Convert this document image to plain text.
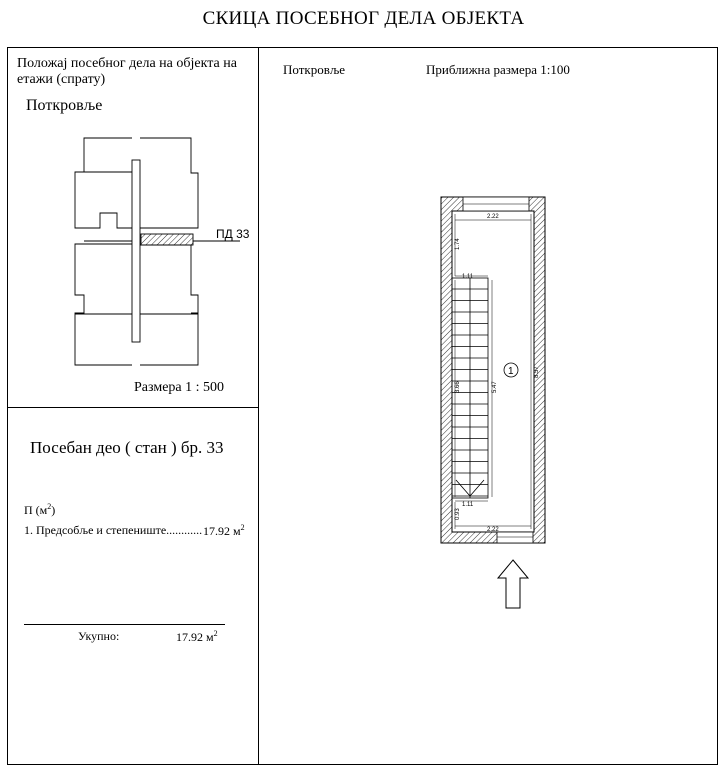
СКИЦА ПОСЕБНОГ ДЕЛА ОБЈЕКТА
Положај посебног дела на објекта на етажи (спрату)
Поткровље
Размера 1 : 500
Посебан део ( стан ) бр. 33
П $(м^2)$
1. Предсобље и степениште............ 17.92 $м^2$
Укупно:	17.92 $м^2$
Поткровље	Приближна размера 1:100
ПД 33
2.22
2.22
1.11
1.11
1.74
3.66
0.93
5.47
8.57
1
